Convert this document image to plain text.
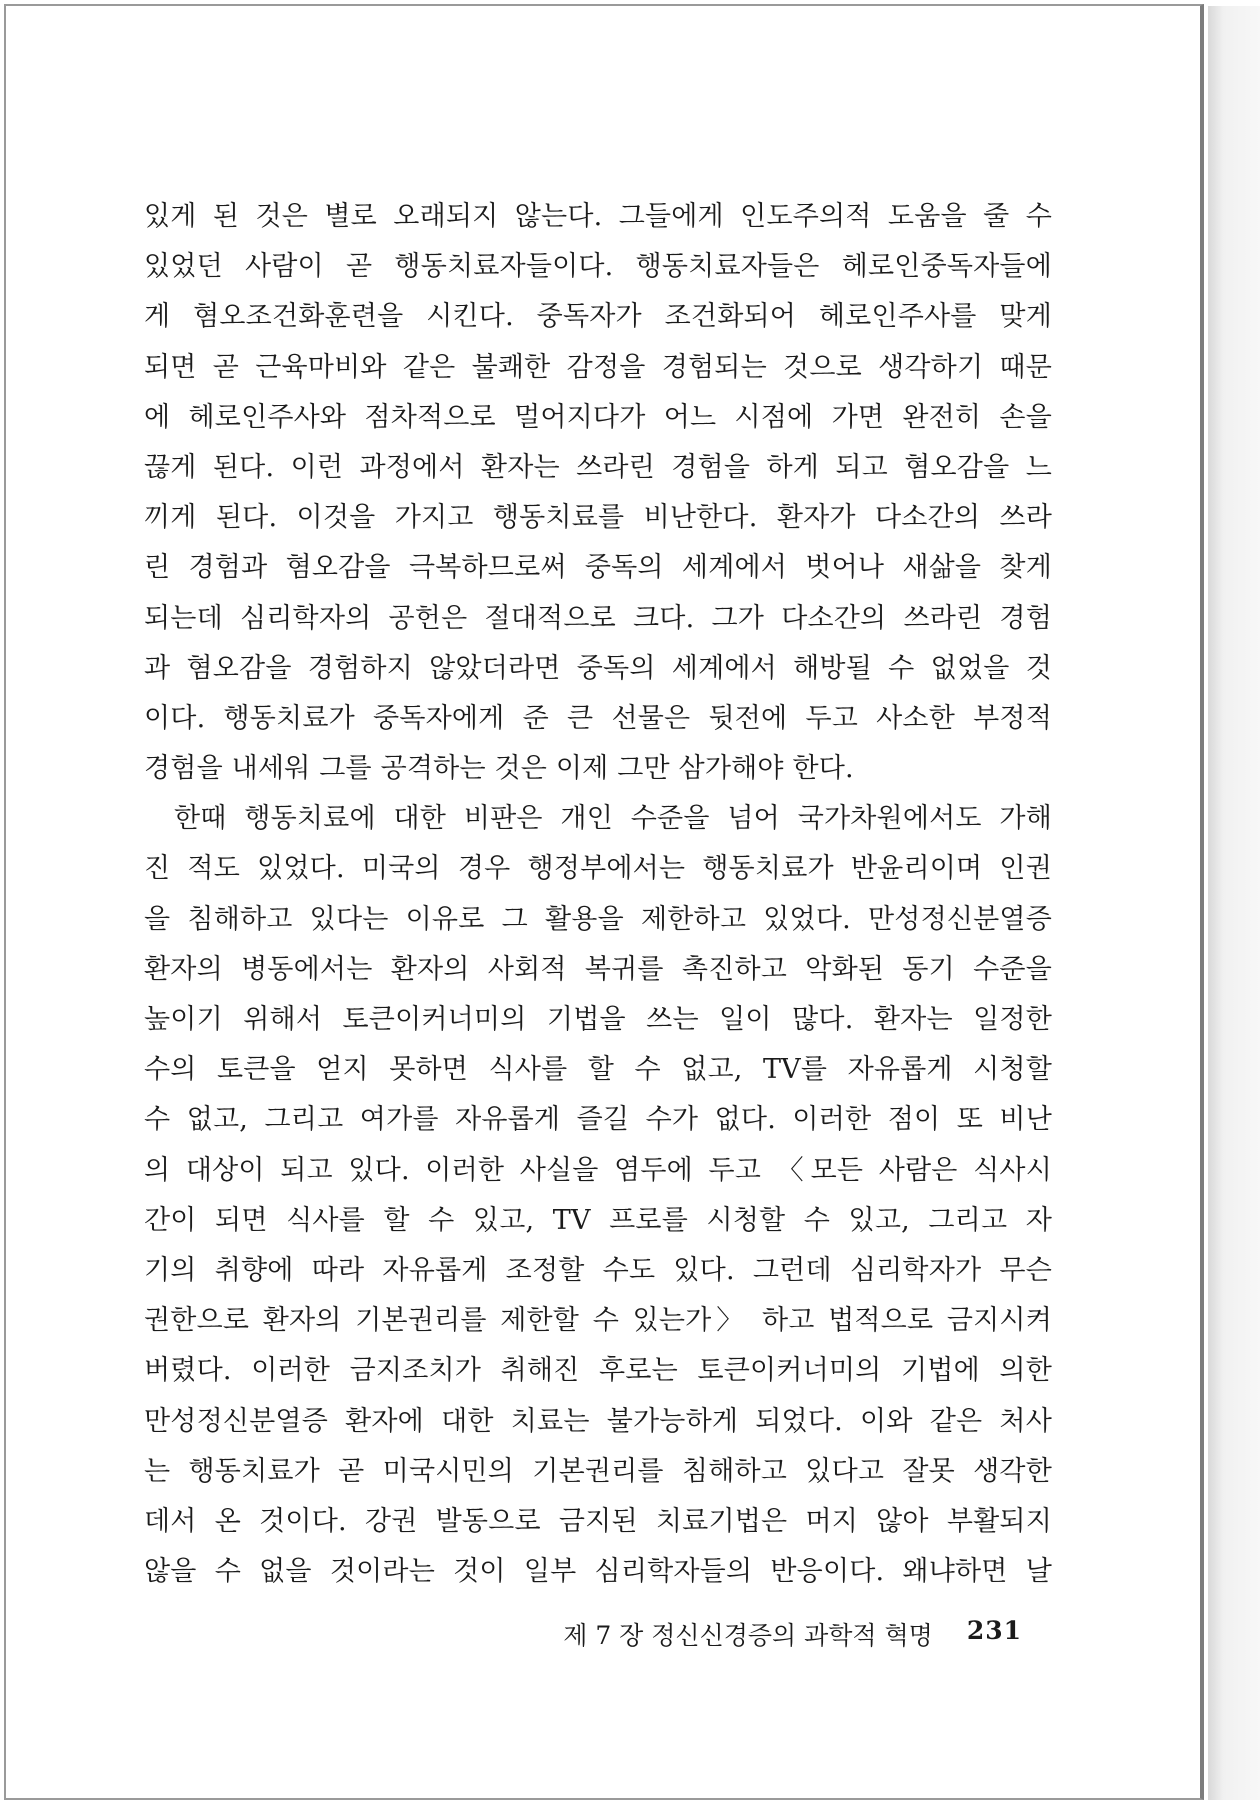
있게 된 것은 별로 오래되지 않는다. 그들에게 인도주의적 도움을 줄 수
있었던 사람이 곧 행동치료자들이다. 행동치료자들은 헤로인중독자들에
게 혐오조건화훈련을 시킨다. 중독자가 조건화되어 헤로인주사를 맞게
되면 곧 근육마비와 같은 불쾌한 감정을 경험되는 것으로 생각하기 때문
에 헤로인주사와 점차적으로 멀어지다가 어느 시점에 가면 완전히 손을
끊게 된다. 이런 과정에서 환자는 쓰라린 경험을 하게 되고 혐오감을 느
끼게 된다. 이것을 가지고 행동치료를 비난한다. 환자가 다소간의 쓰라
린 경험과 혐오감을 극복하므로써 중독의 세계에서 벗어나 새삶을 찾게
되는데 심리학자의 공헌은 절대적으로 크다. 그가 다소간의 쓰라린 경험
과 혐오감을 경험하지 않았더라면 중독의 세계에서 해방될 수 없었을 것
이다. 행동치료가 중독자에게 준 큰 선물은 뒷전에 두고 사소한 부정적
경험을 내세워 그를 공격하는 것은 이제 그만 삼가해야 한다.
한때 행동치료에 대한 비판은 개인 수준을 넘어 국가차원에서도 가해
진 적도 있었다. 미국의 경우 행정부에서는 행동치료가 반윤리이며 인권
을 침해하고 있다는 이유로 그 활용을 제한하고 있었다. 만성정신분열증
환자의 병동에서는 환자의 사회적 복귀를 촉진하고 악화된 동기 수준을
높이기 위해서 토큰이커너미의 기법을 쓰는 일이 많다. 환자는 일정한
수의 토큰을 얻지 못하면 식사를 할 수 없고, TV를 자유롭게 시청할
수 없고, 그리고 여가를 자유롭게 즐길 수가 없다. 이러한 점이 또 비난
의 대상이 되고 있다. 이러한 사실을 염두에 두고 〈모든 사람은 식사시
간이 되면 식사를 할 수 있고, TV 프로를 시청할 수 있고, 그리고 자
기의 취향에 따라 자유롭게 조정할 수도 있다. 그런데 심리학자가 무슨
권한으로 환자의 기본권리를 제한할 수 있는가〉 하고 법적으로 금지시켜
버렸다. 이러한 금지조치가 취해진 후로는 토큰이커너미의 기법에 의한
만성정신분열증 환자에 대한 치료는 불가능하게 되었다. 이와 같은 처사
는 행동치료가 곧 미국시민의 기본권리를 침해하고 있다고 잘못 생각한
데서 온 것이다. 강권 발동으로 금지된 치료기법은 머지 않아 부활되지
않을 수 없을 것이라는 것이 일부 심리학자들의 반응이다. 왜냐하면 날
제 7 장 정신신경증의 과학적 혁명 231
